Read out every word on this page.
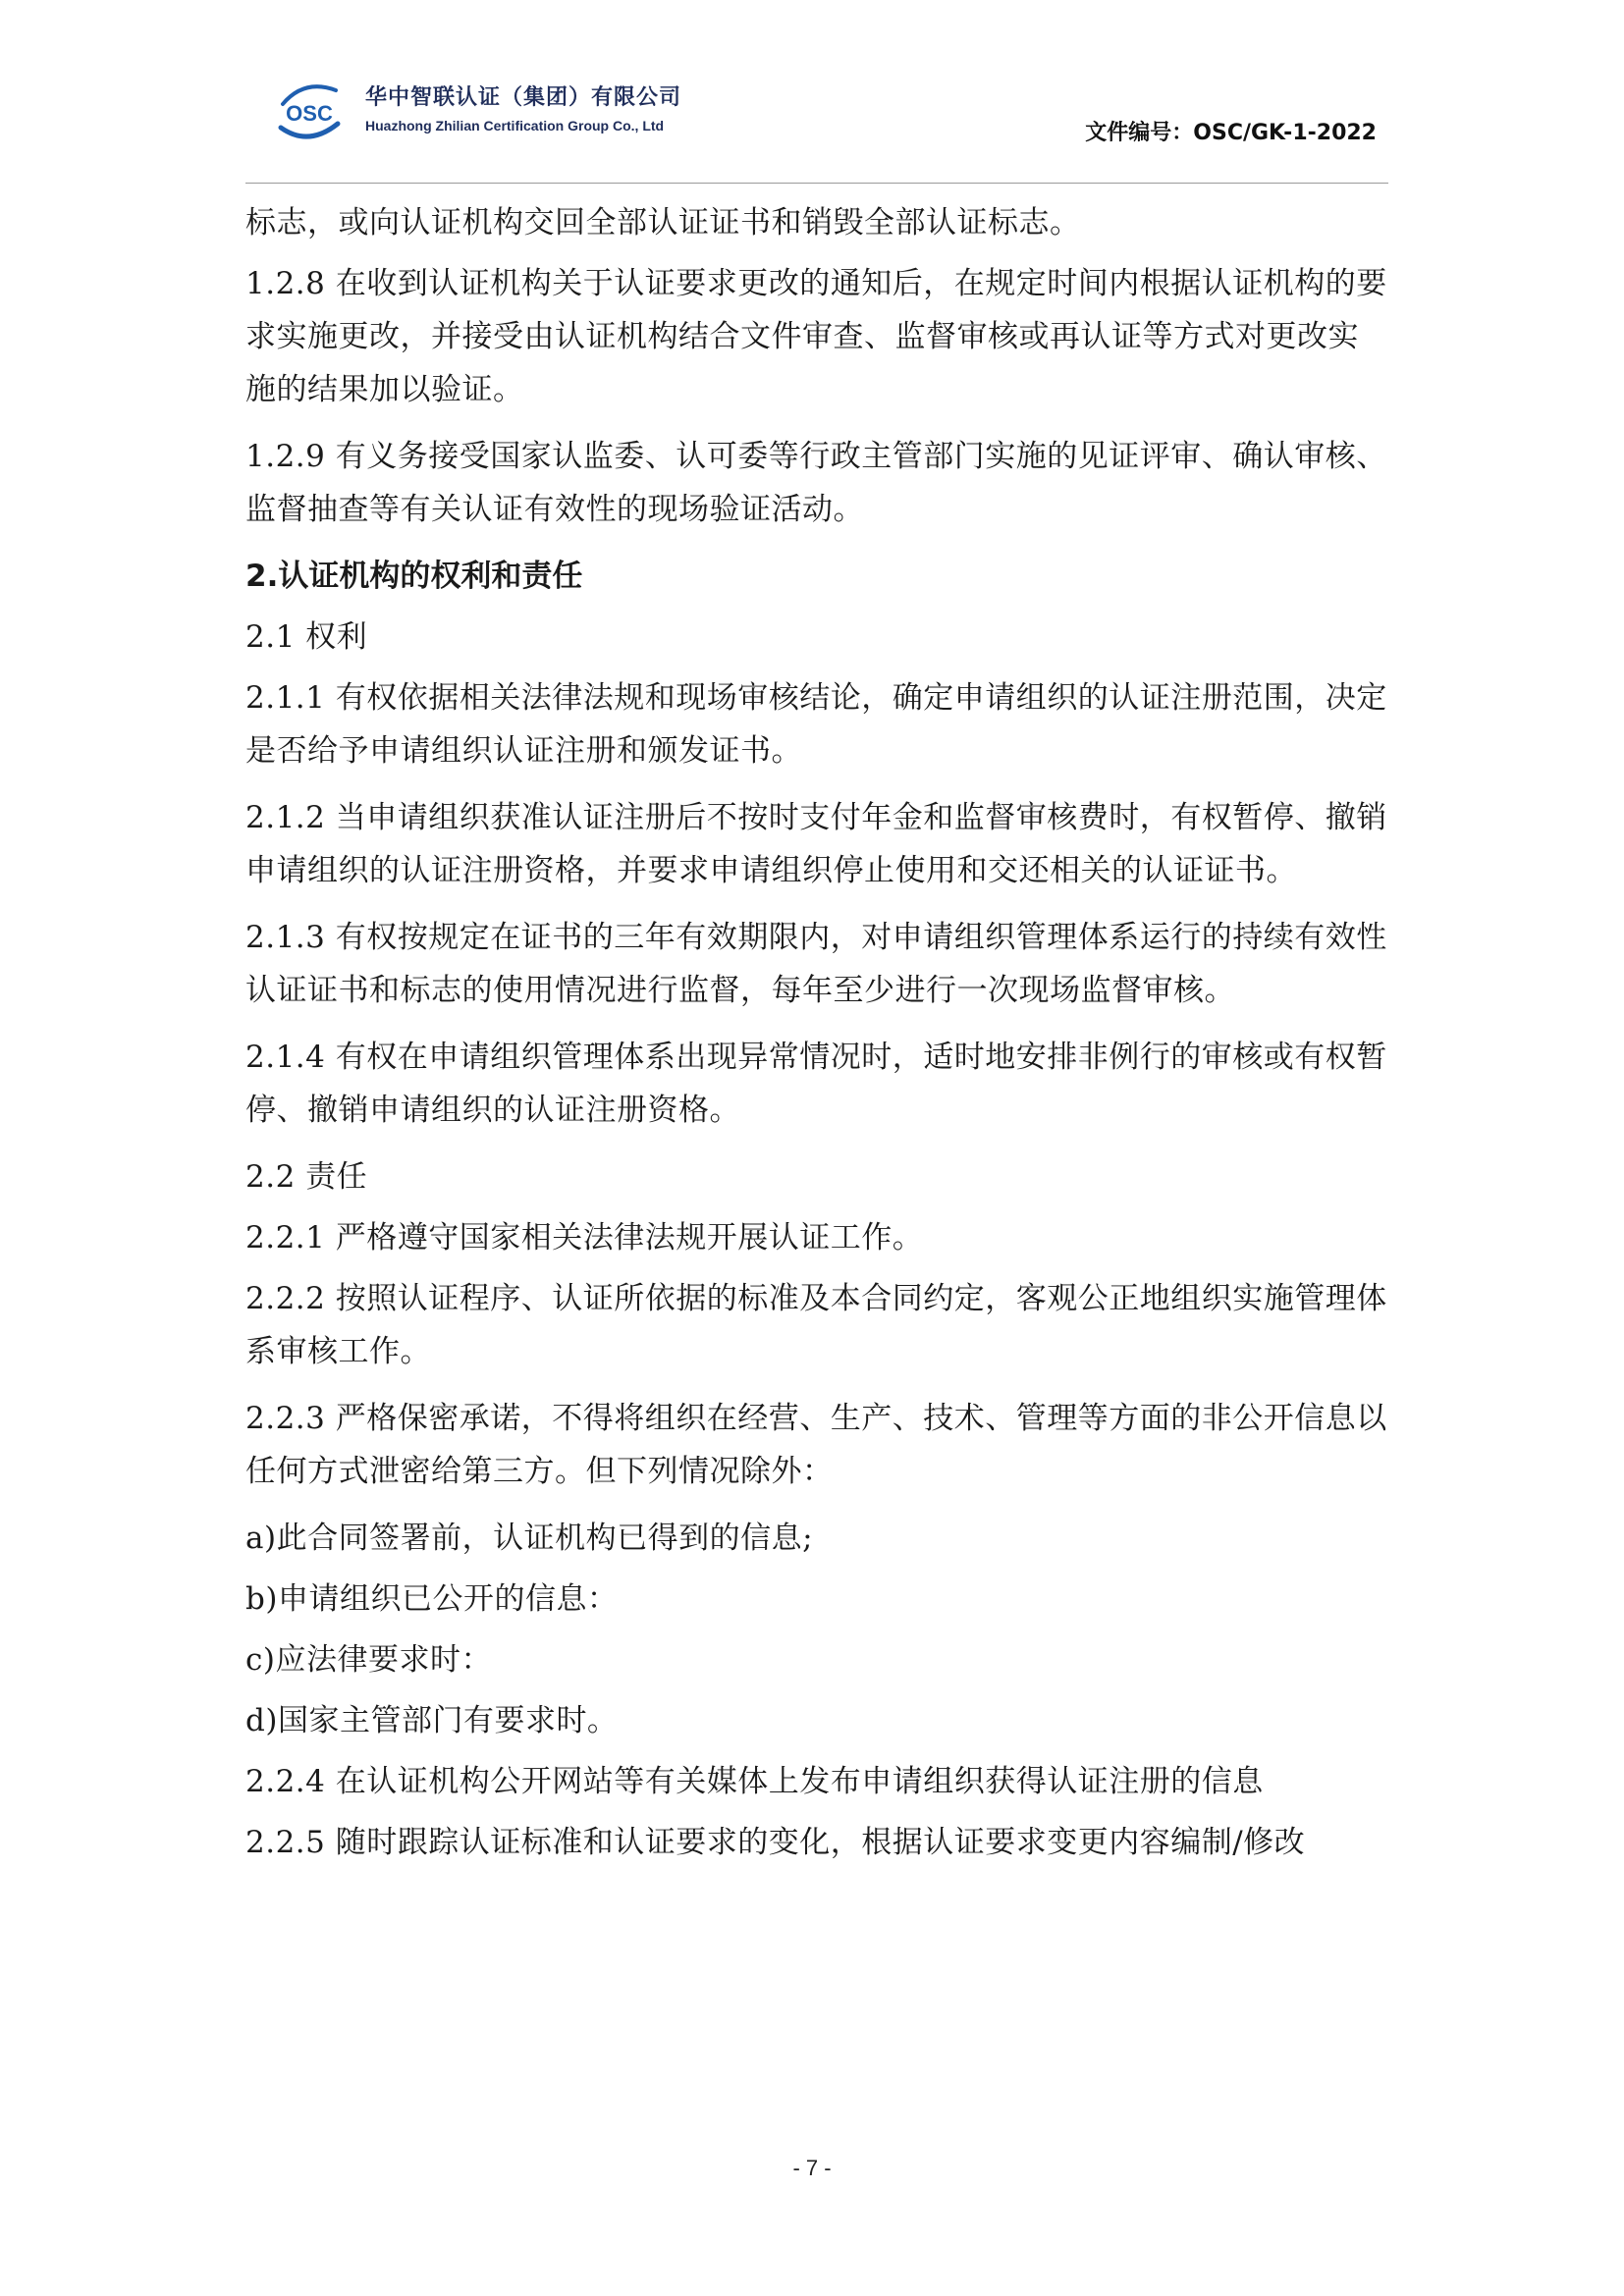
OSC
华中智联认证（集团）有限公司
Huazhong Zhilian Certification Group Co., Ltd	文件编号：OSC/GK-1-2022

标志，或向认证机构交回全部认证证书和销毁全部认证标志。

1.2.8 在收到认证机构关于认证要求更改的通知后，在规定时间内根据认证机构的要求实施更改，并接受由认证机构结合文件审查、监督审核或再认证等方式对更改实施的结果加以验证。

1.2.9 有义务接受国家认监委、认可委等行政主管部门实施的见证评审、确认审核、监督抽查等有关认证有效性的现场验证活动。

2.认证机构的权利和责任

2.1 权利

2.1.1 有权依据相关法律法规和现场审核结论，确定申请组织的认证注册范围，决定是否给予申请组织认证注册和颁发证书。

2.1.2 当申请组织获准认证注册后不按时支付年金和监督审核费时，有权暂停、撤销申请组织的认证注册资格，并要求申请组织停止使用和交还相关的认证证书。

2.1.3 有权按规定在证书的三年有效期限内，对申请组织管理体系运行的持续有效性认证证书和标志的使用情况进行监督，每年至少进行一次现场监督审核。

2.1.4 有权在申请组织管理体系出现异常情况时，适时地安排非例行的审核或有权暂停、撤销申请组织的认证注册资格。

2.2 责任

2.2.1 严格遵守国家相关法律法规开展认证工作。

2.2.2 按照认证程序、认证所依据的标准及本合同约定，客观公正地组织实施管理体系审核工作。

2.2.3 严格保密承诺，不得将组织在经营、生产、技术、管理等方面的非公开信息以任何方式泄密给第三方。但下列情况除外：

a)此合同签署前，认证机构已得到的信息;

b)申请组织已公开的信息：

c)应法律要求时：

d)国家主管部门有要求时。

2.2.4 在认证机构公开网站等有关媒体上发布申请组织获得认证注册的信息

2.2.5 随时跟踪认证标准和认证要求的变化，根据认证要求变更内容编制/修改

- 7 -
